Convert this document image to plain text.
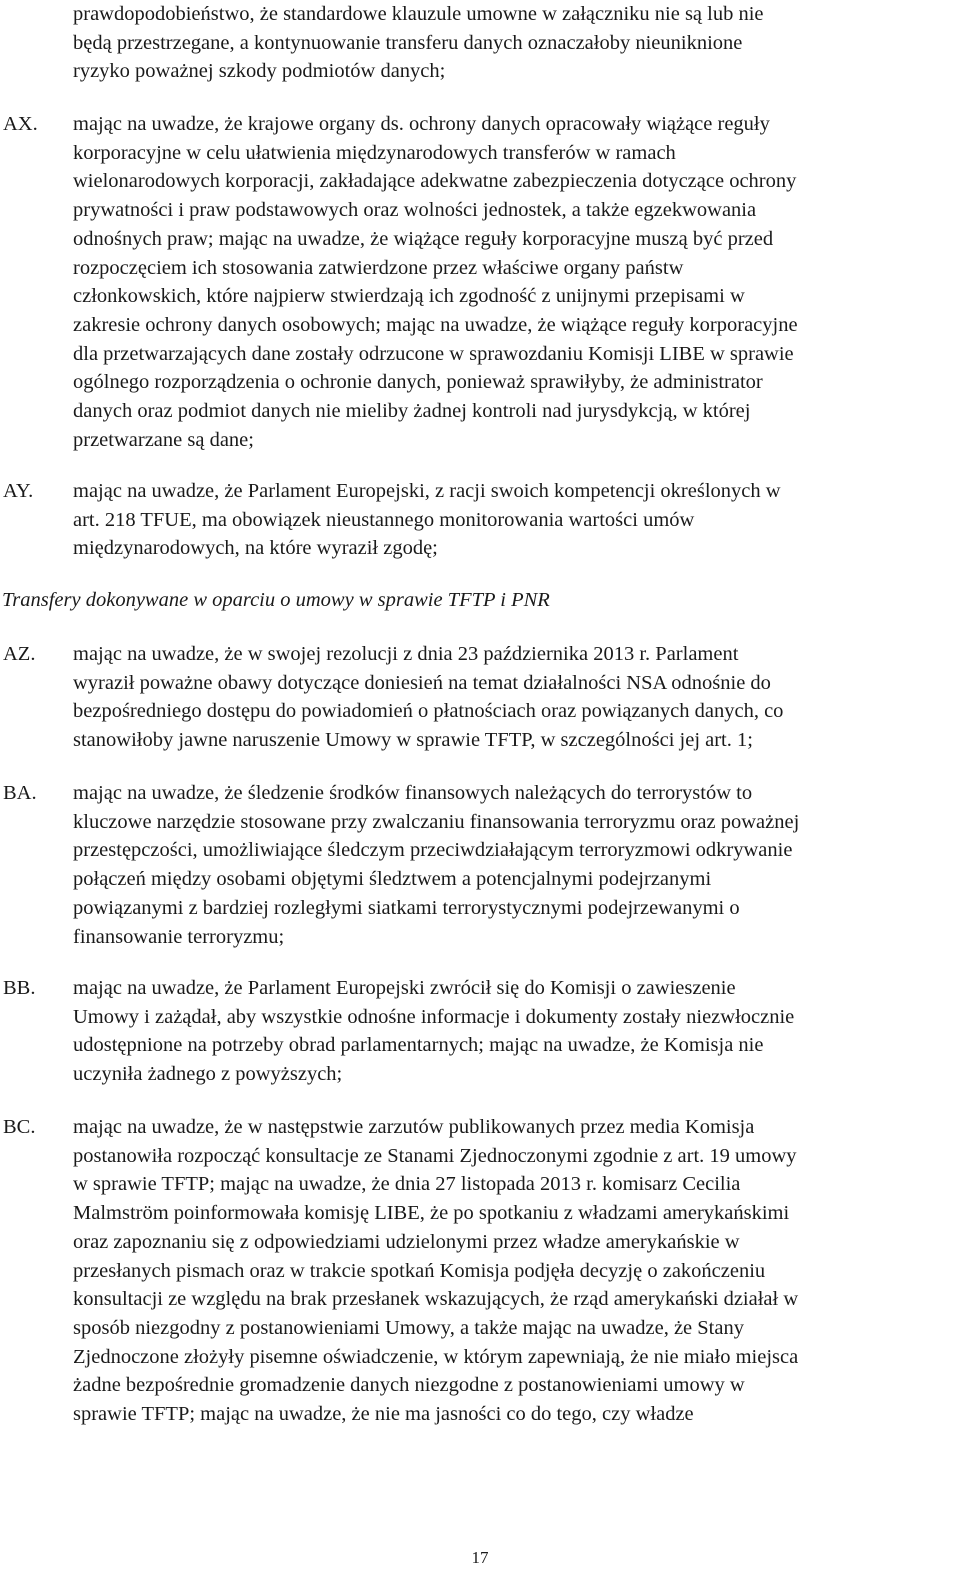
prawdopodobieństwo, że standardowe klauzule umowne w załączniku nie są lub nie
będą przestrzegane, a kontynuowanie transferu danych oznaczałoby nieuniknione
ryzyko poważnej szkody podmiotów danych;
AX. mając na uwadze, że krajowe organy ds. ochrony danych opracowały wiążące reguły
korporacyjne w celu ułatwienia międzynarodowych transferów w ramach
wielonarodowych korporacji, zakładające adekwatne zabezpieczenia dotyczące ochrony
prywatności i praw podstawowych oraz wolności jednostek, a także egzekwowania
odnośnych praw; mając na uwadze, że wiążące reguły korporacyjne muszą być przed
rozpoczęciem ich stosowania zatwierdzone przez właściwe organy państw
członkowskich, które najpierw stwierdzają ich zgodność z unijnymi przepisami w
zakresie ochrony danych osobowych; mając na uwadze, że wiążące reguły korporacyjne
dla przetwarzających dane zostały odrzucone w sprawozdaniu Komisji LIBE w sprawie
ogólnego rozporządzenia o ochronie danych, ponieważ sprawiłyby, że administrator
danych oraz podmiot danych nie mieliby żadnej kontroli nad jurysdykcją, w której
przetwarzane są dane;
AY. mając na uwadze, że Parlament Europejski, z racji swoich kompetencji określonych w
art. 218 TFUE, ma obowiązek nieustannego monitorowania wartości umów
międzynarodowych, na które wyraził zgodę;
Transfery dokonywane w oparciu o umowy w sprawie TFTP i PNR
AZ. mając na uwadze, że w swojej rezolucji z dnia 23 października 2013 r. Parlament
wyraził poważne obawy dotyczące doniesień na temat działalności NSA odnośnie do
bezpośredniego dostępu do powiadomień o płatnościach oraz powiązanych danych, co
stanowiłoby jawne naruszenie Umowy w sprawie TFTP, w szczególności jej art. 1;
BA. mając na uwadze, że śledzenie środków finansowych należących do terrorystów to
kluczowe narzędzie stosowane przy zwalczaniu finansowania terroryzmu oraz poważnej
przestępczości, umożliwiające śledczym przeciwdziałającym terroryzmowi odkrywanie
połączeń między osobami objętymi śledztwem a potencjalnymi podejrzanymi
powiązanymi z bardziej rozległymi siatkami terrorystycznymi podejrzewanymi o
finansowanie terroryzmu;
BB. mając na uwadze, że Parlament Europejski zwrócił się do Komisji o zawieszenie
Umowy i zażądał, aby wszystkie odnośne informacje i dokumenty zostały niezwłocznie
udostępnione na potrzeby obrad parlamentarnych; mając na uwadze, że Komisja nie
uczyniła żadnego z powyższych;
BC. mając na uwadze, że w następstwie zarzutów publikowanych przez media Komisja
postanowiła rozpocząć konsultacje ze Stanami Zjednoczonymi zgodnie z art. 19 umowy
w sprawie TFTP; mając na uwadze, że dnia 27 listopada 2013 r. komisarz Cecilia
Malmström poinformowała komisję LIBE, że po spotkaniu z władzami amerykańskimi
oraz zapoznaniu się z odpowiedziami udzielonymi przez władze amerykańskie w
przesłanych pismach oraz w trakcie spotkań Komisja podjęła decyzję o zakończeniu
konsultacji ze względu na brak przesłanek wskazujących, że rząd amerykański działał w
sposób niezgodny z postanowieniami Umowy, a także mając na uwadze, że Stany
Zjednoczone złożyły pisemne oświadczenie, w którym zapewniają, że nie miało miejsca
żadne bezpośrednie gromadzenie danych niezgodne z postanowieniami umowy w
sprawie TFTP; mając na uwadze, że nie ma jasności co do tego, czy władze
17
